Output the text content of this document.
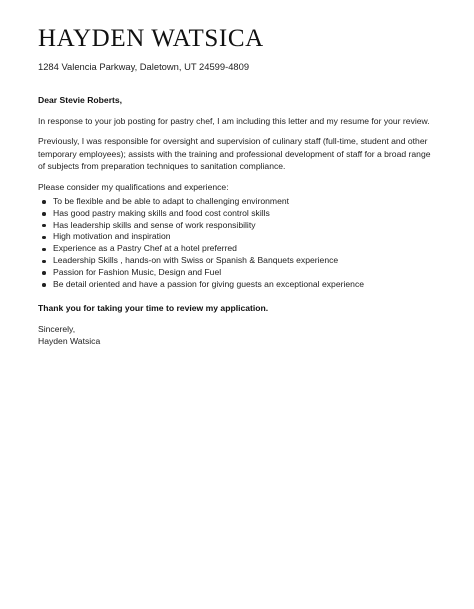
HAYDEN WATSICA
1284 Valencia Parkway, Daletown, UT 24599-4809

Dear Stevie Roberts,

In response to your job posting for pastry chef, I am including this letter and my resume for your review.

Previously, I was responsible for oversight and supervision of culinary staff (full-time, student and other temporary employees); assists with the training and professional development of staff for a broad range of subjects from preparation techniques to sanitation compliance.

Please consider my qualifications and experience:

To be flexible and be able to adapt to challenging environment
Has good pastry making skills and food cost control skills
Has leadership skills and sense of work responsibility
High motivation and inspiration
Experience as a Pastry Chef at a hotel preferred
Leadership Skills , hands-on with Swiss or Spanish & Banquets experience
Passion for Fashion Music, Design and Fuel
Be detail oriented and have a passion for giving guests an exceptional experience

Thank you for taking your time to review my application.

Sincerely,

Hayden Watsica
